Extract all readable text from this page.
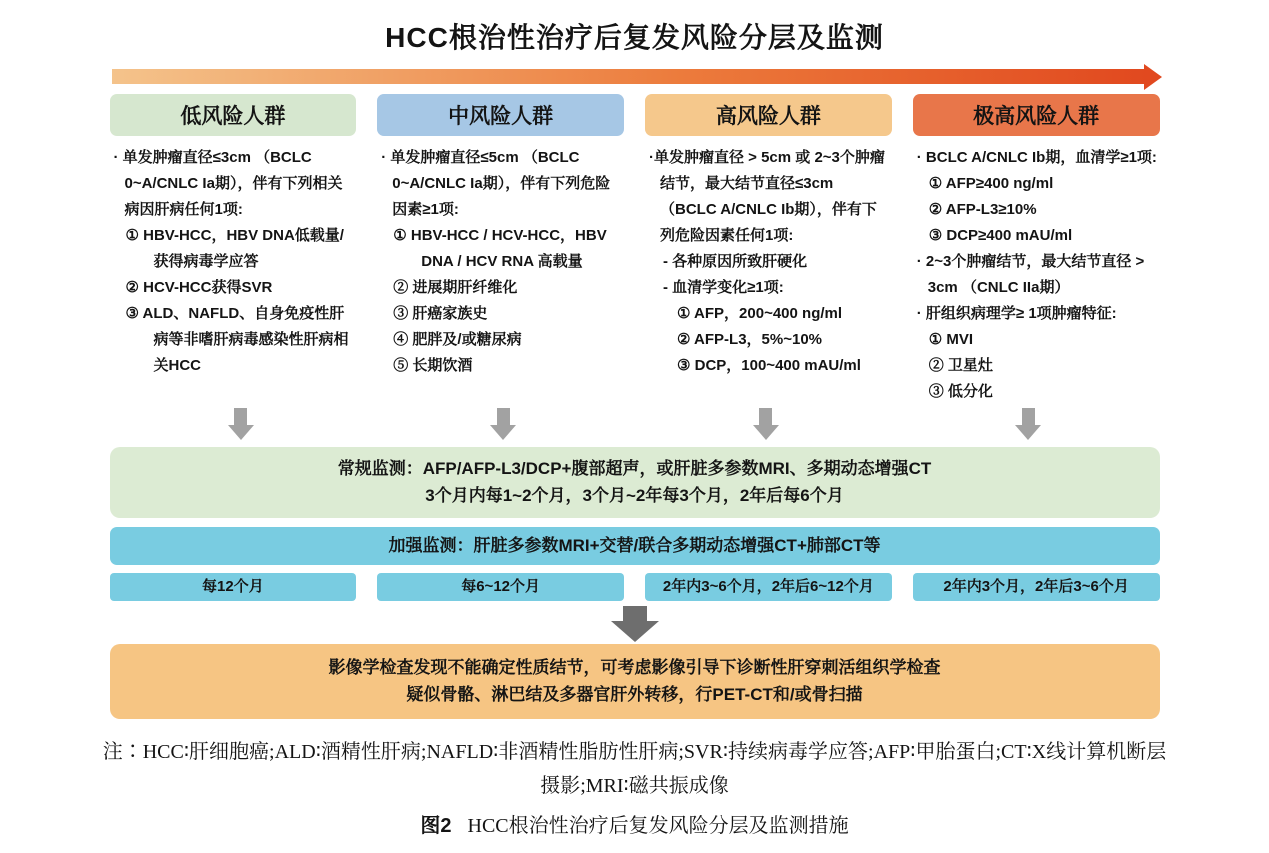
HCC根治性治疗后复发风险分层及监测
低风险人群
· 单发肿瘤直径≤3cm （BCLC 0~A/CNLC Ia期），伴有下列相关病因肝病任何1项:
① HBV-HCC，HBV DNA低载量/ 获得病毒学应答
② HCV-HCC获得SVR
③ ALD、NAFLD、自身免疫性肝病等非嗜肝病毒感染性肝病相关HCC
中风险人群
· 单发肿瘤直径≤5cm （BCLC 0~A/CNLC Ia期），伴有下列危险因素≥1项:
① HBV-HCC / HCV-HCC，HBV DNA / HCV RNA 高载量
② 进展期肝纤维化
③ 肝癌家族史
④ 肥胖及/或糖尿病
⑤ 长期饮酒
高风险人群
·单发肿瘤直径 > 5cm 或 2~3个肿瘤结节，最大结节直径≤3cm （BCLC A/CNLC Ib期），伴有下列危险因素任何1项:
- 各种原因所致肝硬化
- 血清学变化≥1项:
① AFP，200~400 ng/ml
② AFP-L3，5%~10%
③ DCP，100~400 mAU/ml
极高风险人群
· BCLC A/CNLC Ib期，血清学≥1项:
① AFP≥400 ng/ml
② AFP-L3≥10%
③ DCP≥400 mAU/ml
· 2~3个肿瘤结节，最大结节直径 > 3cm （CNLC IIa期）
· 肝组织病理学≥ 1项肿瘤特征:
① MVI
② 卫星灶
③ 低分化
常规监测：AFP/AFP-L3/DCP+腹部超声，或肝脏多参数MRI、多期动态增强CT
3个月内每1~2个月，3个月~2年每3个月，2年后每6个月
加强监测：肝脏多参数MRI+交替/联合多期动态增强CT+肺部CT等
每12个月	每6~12个月	2年内3~6个月，2年后6~12个月	2年内3个月，2年后3~6个月
影像学检查发现不能确定性质结节，可考虑影像引导下诊断性肝穿刺活组织学检查
疑似骨骼、淋巴结及多器官肝外转移，行PET-CT和/或骨扫描
注∶HCC∶肝细胞癌;ALD∶酒精性肝病;NAFLD∶非酒精性脂肪性肝病;SVR∶持续病毒学应答;AFP∶甲胎蛋白;CT∶X线计算机断层
摄影;MRI∶磁共振成像
图2 HCC根治性治疗后复发风险分层及监测措施
